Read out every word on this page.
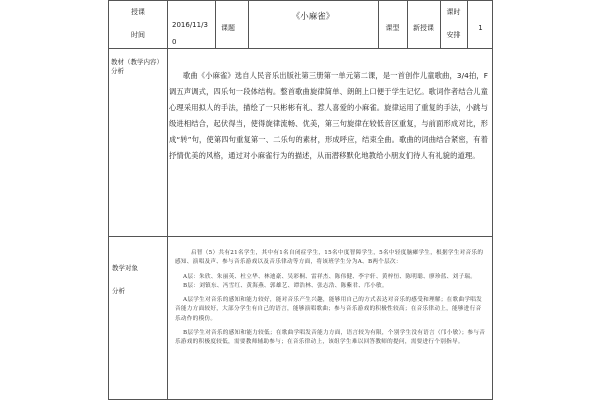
授课
时间
2016/11/3
0
课题
《小麻雀》
课型	新授课
课时
安排
1
教材（教学内容）分析	歌曲《小麻雀》选自人民音乐出版社第三册第一单元第二课，是一首创作儿童歌曲，3/4拍，F调五声调式，四乐句一段体结构。整首歌曲旋律简单、朗朗上口便于学生记忆。歌词作者结合儿童心理采用拟人的手法，描绘了一只彬彬有礼、惹人喜爱的小麻雀。旋律运用了重复的手法，小跳与级进相结合，起伏得当，使得旋律流畅、优美，第三句旋律在较低音区重复，与前面形成对比，形成“转”句，使第四句重复第一、二乐句的素材，形成呼应，结束全曲。歌曲的词曲结合紧密，有着抒情优美的风格，通过对小麻雀行为的描述，从而潜移默化地教给小朋友们待人有礼貌的道理。
教学对象
分析

启智（5）共有21名学生，其中有1名自闭症学生，15名中度智障学生，5名中轻度脑瘫学生，根据学生对音乐的感知、演唱及声、参与音乐游戏以及音乐律动等方面，将该班学生分为A、B两个层次：

A层：朱欣、朱丽英、杜立华、林迪豪、吴彩桐、雷祥杰、陈伟健、李宇轩、黄梓恒、陈明聪、廖珍蓝、刘子瑞。

B层：刘镇东、冯雪红、黄海燕、郭雄艺、谭浩林、张志浩、陈紫君、邝小敏。

A层学生对音乐的感知和能力较好，能对音乐产生兴趣，能够用自己的方式表达对音乐的感受和理解；在歌曲学唱发音能力方面较好，大部分学生有自己的语言，能够演唱歌曲；参与音乐游戏的积极性较高；在音乐律动上，能够进行音乐动作的模仿。

B层学生对音乐的感知和能力较低；在歌曲学唱发音能力方面，语言较为有限，个别学生没有语言（邝小敏）；参与音乐游戏的积极度较低，需要教师辅助参与；在音乐律动上，该组学生难以回答教师的提问，需要进行个别指导。
